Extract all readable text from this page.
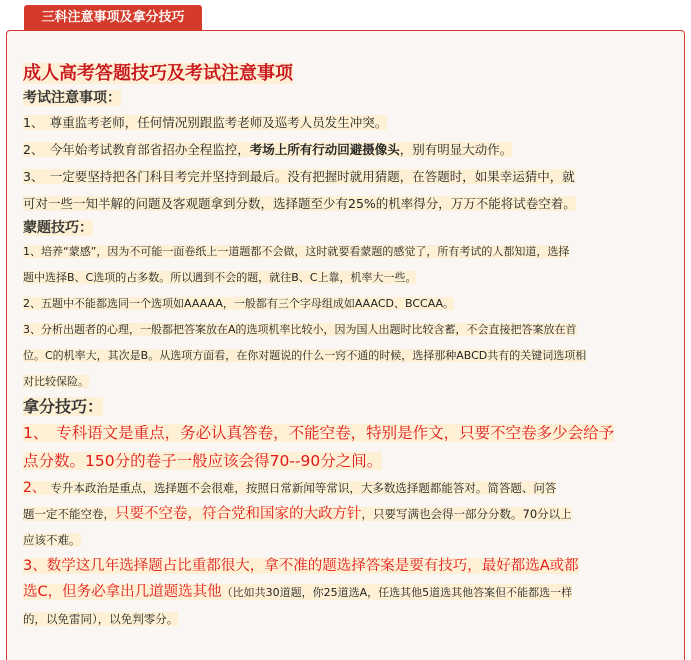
三科注意事项及拿分技巧
成人高考答题技巧及考试注意事项
考试注意事项：
1、　尊重监考老师，任何情况别跟监考老师及巡考人员发生冲突。
2、　今年始考试教育部省招办全程监控，考场上所有行动回避摄像头，别有明显大动作。
3、　一定要坚持把各门科目考完并坚持到最后。没有把握时就用猜题，在答题时，如果幸运猜中，就
可对一些一知半解的问题及客观题拿到分数，选择题至少有25%的机率得分，万万不能将试卷空着。
蒙题技巧：
1、培养“蒙感”，因为不可能一面卷纸上一道题都不会做，这时就要看蒙题的感觉了，所有考试的人都知道，选择
题中选择B、C选项的占多数。所以遇到不会的题，就往B、C上靠，机率大一些。
2、五题中不能都选同一个选项如AAAAA，一般都有三个字母组成如AAACD、BCCAA。
3、分析出题者的心理，一般都把答案放在A的选项机率比较小，因为国人出题时比较含蓄，不会直接把答案放在首
位。C的机率大，其次是B。从选项方面看，在你对题说的什么一窍不通的时候，选择那种ABCD共有的关键词选项相
对比较保险。
拿分技巧：
1、　专科语文是重点，务必认真答卷，不能空卷，特别是作文，只要不空卷多少会给予
点分数。150分的卷子一般应该会得70--90分之间。
2、　专升本政治是重点，选择题不会很难，按照日常新闻等常识，大多数选择题都能答对。简答题、问答
题一定不能空卷，只要不空卷，符合党和国家的大政方针，只要写满也会得一部分分数。70分以上
应该不难。
3、数学这几年选择题占比重都很大，拿不准的题选择答案是要有技巧，最好都选A或都
选C，但务必拿出几道题选其他（比如共30道题，你25道选A，任选其他5道选其他答案但不能都选一样
的，以免雷同），以免判零分。
